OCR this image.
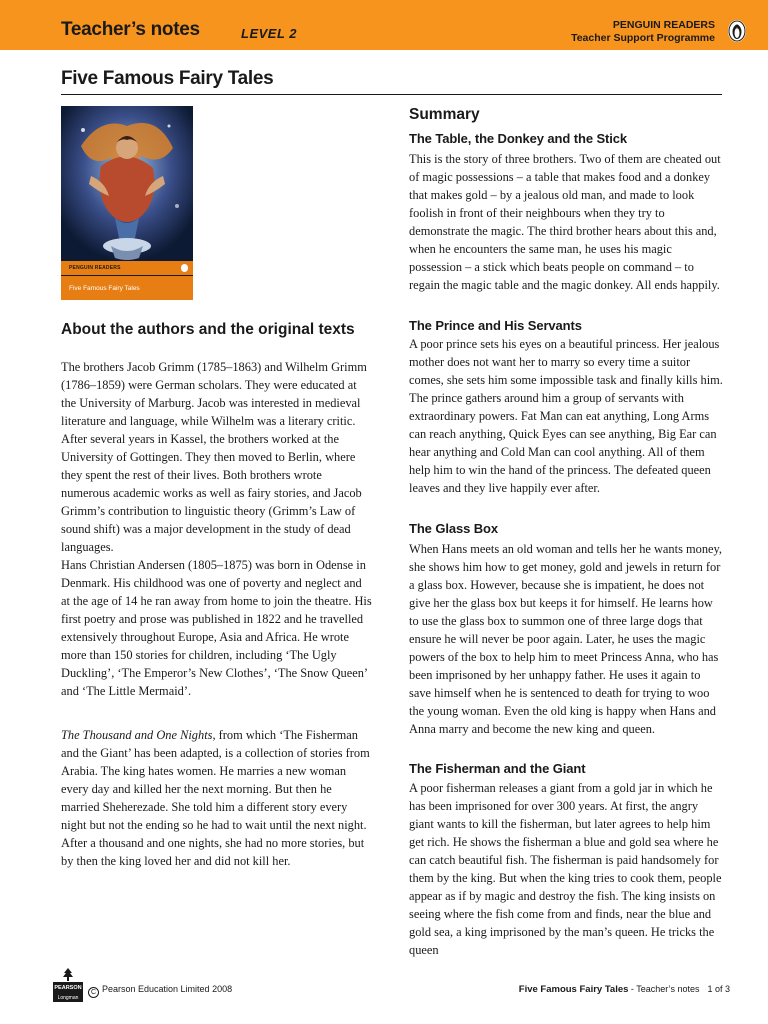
Teacher’s notes	LEVEL 2
PENGUIN READERS
Teacher Support Programme
Five Famous Fairy Tales
PENGUIN READERS
Five Famous Fairy Tales
About the authors and the original texts

The brothers Jacob Grimm (1785–1863) and Wilhelm Grimm (1786–1859) were German scholars. They were educated at the University of Marburg. Jacob was interested in medieval literature and language, while Wilhelm was a literary critic. After several years in Kassel, the brothers worked at the University of Gottingen. They then moved to Berlin, where they spent the rest of their lives. Both brothers wrote numerous academic works as well as fairy stories, and Jacob Grimm’s contribution to linguistic theory (Grimm’s Law of sound shift) was a major development in the study of dead languages.

Hans Christian Andersen (1805–1875) was born in Odense in Denmark. His childhood was one of poverty and neglect and at the age of 14 he ran away from home to join the theatre. His first poetry and prose was published in 1822 and he travelled extensively throughout Europe, Asia and Africa. He wrote more than 150 stories for children, including ‘The Ugly Duckling’, ‘The Emperor’s New Clothes’, ‘The Snow Queen’ and ‘The Little Mermaid’.

The Thousand and One Nights, from which ‘The Fisherman and the Giant’ has been adapted, is a collection of stories from Arabia. The king hates women. He marries a new woman every day and killed her the next morning. But then he married Sheherezade. She told him a different story every night but not the ending so he had to wait until the next night. After a thousand and one nights, she had no more stories, but by then the king loved her and did not kill her.

Summary
The Table, the Donkey and the Stick

This is the story of three brothers. Two of them are cheated out of magic possessions – a table that makes food and a donkey that makes gold – by a jealous old man, and made to look foolish in front of their neighbours when they try to demonstrate the magic. The third brother hears about this and, when he encounters the same man, he uses his magic possession – a stick which beats people on command – to regain the magic table and the magic donkey. All ends happily.

The Prince and His Servants

A poor prince sets his eyes on a beautiful princess. Her jealous mother does not want her to marry so every time a suitor comes, she sets him some impossible task and finally kills him. The prince gathers around him a group of servants with extraordinary powers. Fat Man can eat anything, Long Arms can reach anything, Quick Eyes can see anything, Big Ear can hear anything and Cold Man can cool anything. All of them help him to win the hand of the princess. The defeated queen leaves and they live happily ever after.

The Glass Box

When Hans meets an old woman and tells her he wants money, she shows him how to get money, gold and jewels in return for a glass box. However, because she is impatient, he does not give her the glass box but keeps it for himself. He learns how to use the glass box to summon one of three large dogs that ensure he will never be poor again. Later, he uses the magic powers of the box to help him to meet Princess Anna, who has been imprisoned by her unhappy father. He uses it again to save himself when he is sentenced to death for trying to woo the young woman. Even the old king is happy when Hans and Anna marry and become the new king and queen.

The Fisherman and the Giant

A poor fisherman releases a giant from a gold jar in which he has been imprisoned for over 300 years. At first, the angry giant wants to kill the fisherman, but later agrees to help him get rich. He shows the fisherman a blue and gold sea where he can catch beautiful fish. The fisherman is paid handsomely for them by the king. But when the king tries to cook them, people appear as if by magic and destroy the fish. The king insists on seeing where the fish come from and finds, near the blue and gold sea, a king imprisoned by the man’s queen. He tricks the queen

PEARSON
Longman
C Pearson Education Limited 2008	Five Famous Fairy Tales - Teacher’s notes 1 of 3
